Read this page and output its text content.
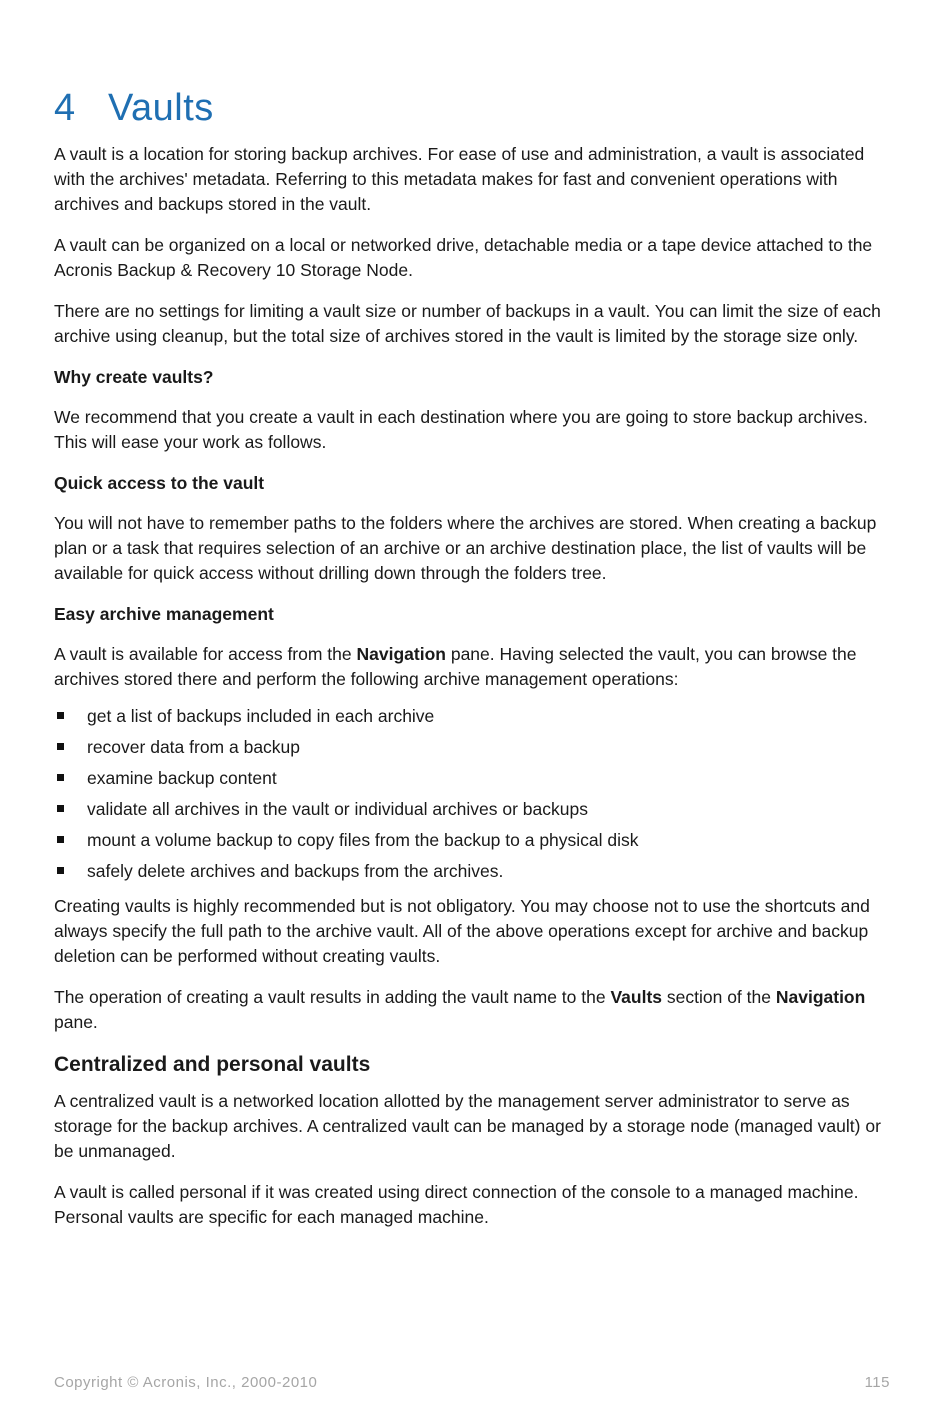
4 Vaults

A vault is a location for storing backup archives. For ease of use and administration, a vault is associated with the archives' metadata. Referring to this metadata makes for fast and convenient operations with archives and backups stored in the vault.

A vault can be organized on a local or networked drive, detachable media or a tape device attached to the Acronis Backup & Recovery 10 Storage Node.

There are no settings for limiting a vault size or number of backups in a vault. You can limit the size of each archive using cleanup, but the total size of archives stored in the vault is limited by the storage size only.

Why create vaults?

We recommend that you create a vault in each destination where you are going to store backup archives. This will ease your work as follows.

Quick access to the vault

You will not have to remember paths to the folders where the archives are stored. When creating a backup plan or a task that requires selection of an archive or an archive destination place, the list of vaults will be available for quick access without drilling down through the folders tree.

Easy archive management

A vault is available for access from the Navigation pane. Having selected the vault, you can browse the archives stored there and perform the following archive management operations:

get a list of backups included in each archive
recover data from a backup
examine backup content
validate all archives in the vault or individual archives or backups
mount a volume backup to copy files from the backup to a physical disk
safely delete archives and backups from the archives.

Creating vaults is highly recommended but is not obligatory. You may choose not to use the shortcuts and always specify the full path to the archive vault. All of the above operations except for archive and backup deletion can be performed without creating vaults.

The operation of creating a vault results in adding the vault name to the Vaults section of the Navigation pane.

Centralized and personal vaults

A centralized vault is a networked location allotted by the management server administrator to serve as storage for the backup archives. A centralized vault can be managed by a storage node (managed vault) or be unmanaged.

A vault is called personal if it was created using direct connection of the console to a managed machine. Personal vaults are specific for each managed machine.

Copyright © Acronis, Inc., 2000-2010	115
